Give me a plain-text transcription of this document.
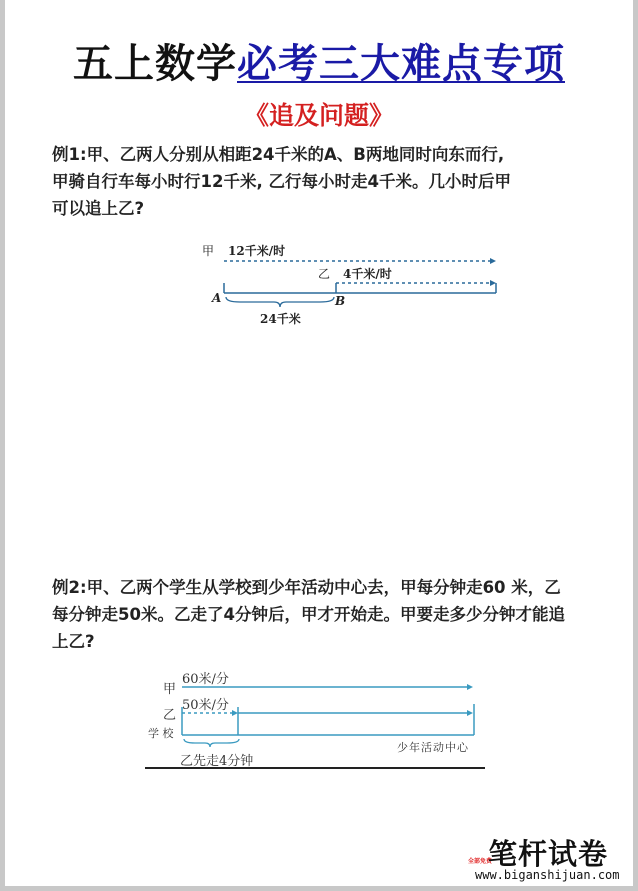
五上数学必考三大难点专项
《追及问题》
例1:甲、乙两人分别从相距24千米的A、B两地同时向东而行,
甲骑自行车每小时行12千米, 乙行每小时走4千米。几小时后甲
可以追上乙?
甲 12千米/时
乙 4千米/时
A	B
24千米
例2:甲、乙两个学生从学校到少年活动中心去，甲每分钟走60 米，乙
每分钟走50米。乙走了4分钟后，甲才开始走。甲要走多少分钟才能追
上乙?
甲
60米/分
乙
50米/分
学 校
少年活动中心
乙先走4分钟
全部免费
笔杆试卷
www.biganshijuan.com
